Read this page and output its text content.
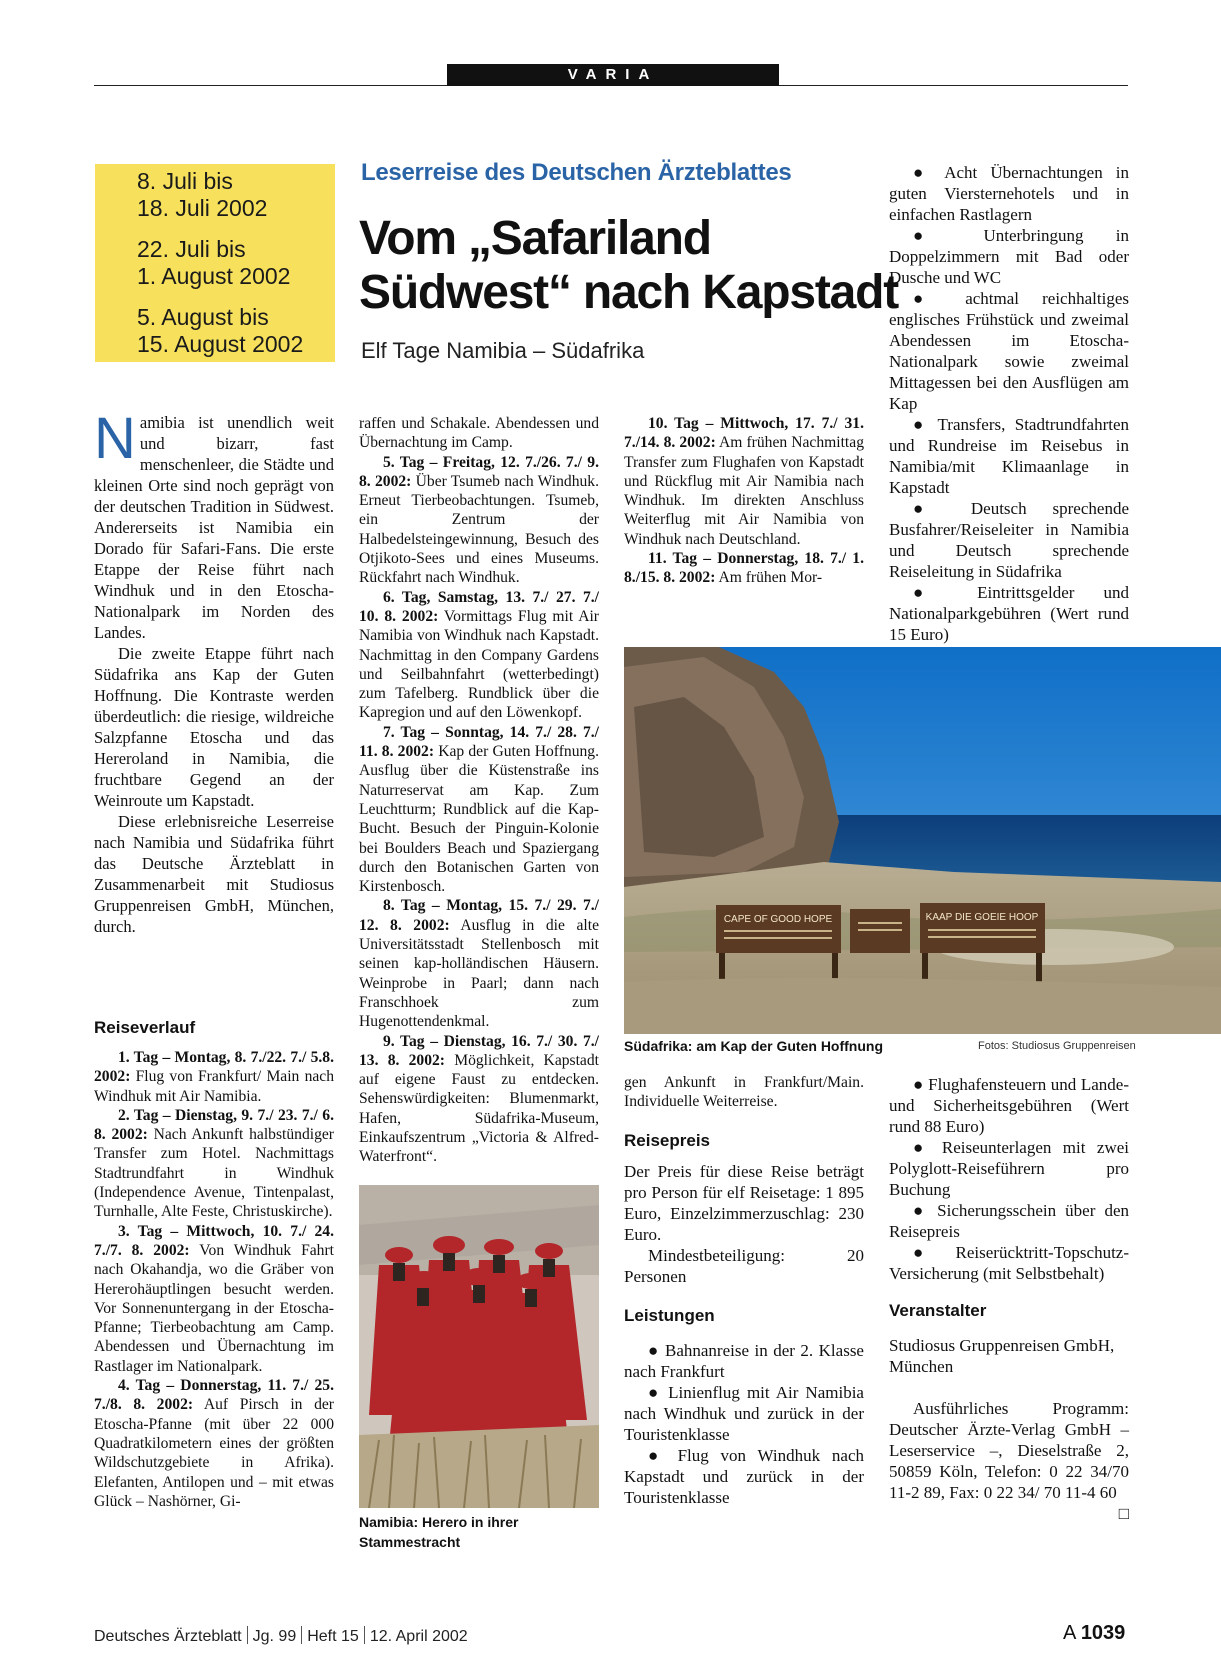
VARIA
8. Juli bis
18. Juli 2002
22. Juli bis
1. August 2002
5. August bis
15. August 2002
Leserreise des Deutschen Ärzteblattes
Vom „Safariland
Südwest“ nach Kapstadt
Elf Tage Namibia – Südafrika

Namibia ist unendlich weit und bizarr, fast menschenleer, die Städte und kleinen Orte sind noch geprägt von der deutschen Tradition in Südwest. Andererseits ist Namibia ein Dorado für Safari-Fans. Die erste Etappe der Reise führt nach Windhuk und in den Etoscha-Nationalpark im Norden des Landes.

Die zweite Etappe führt nach Südafrika ans Kap der Guten Hoffnung. Die Kontraste werden überdeutlich: die riesige, wildreiche Salzpfanne Etoscha und das Hereroland in Namibia, die fruchtbare Gegend an der Weinroute um Kapstadt.

Diese erlebnisreiche Leserreise nach Namibia und Südafrika führt das Deutsche Ärzteblatt in Zusammenarbeit mit Studiosus Gruppenreisen GmbH, München, durch.

Reiseverlauf

1. Tag – Montag, 8. 7./22. 7./ 5.8. 2002: Flug von Frankfurt/ Main nach Windhuk mit Air Namibia.

2. Tag – Dienstag, 9. 7./ 23. 7./ 6. 8. 2002: Nach Ankunft halbstündiger Transfer zum Hotel. Nachmittags Stadtrundfahrt in Windhuk (Independence Avenue, Tintenpalast, Turnhalle, Alte Feste, Christuskirche).

3. Tag – Mittwoch, 10. 7./ 24. 7./7. 8. 2002: Von Windhuk Fahrt nach Okahandja, wo die Gräber von Hererohäuptlingen besucht werden. Vor Sonnenuntergang in der Etoscha-Pfanne; Tierbeobachtung am Camp. Abendessen und Übernachtung im Rastlager im Nationalpark.

4. Tag – Donnerstag, 11. 7./ 25. 7./8. 8. 2002: Auf Pirsch in der Etoscha-Pfanne (mit über 22 000 Quadratkilometern eines der größten Wildschutzgebiete in Afrika). Elefanten, Antilopen und – mit etwas Glück – Nashörner, Gi-

raffen und Schakale. Abendessen und Übernachtung im Camp.

5. Tag – Freitag, 12. 7./26. 7./ 9. 8. 2002: Über Tsumeb nach Windhuk. Erneut Tierbeobachtungen. Tsumeb, ein Zentrum der Halbedelsteingewinnung, Besuch des Otjikoto-Sees und eines Museums. Rückfahrt nach Windhuk.

6. Tag, Samstag, 13. 7./ 27. 7./ 10. 8. 2002: Vormittags Flug mit Air Namibia von Windhuk nach Kapstadt. Nachmittag in den Company Gardens und Seilbahnfahrt (wetterbedingt) zum Tafelberg. Rundblick über die Kapregion und auf den Löwenkopf.

7. Tag – Sonntag, 14. 7./ 28. 7./ 11. 8. 2002: Kap der Guten Hoffnung. Ausflug über die Küstenstraße ins Naturreservat am Kap. Zum Leuchtturm; Rundblick auf die Kap-Bucht. Besuch der Pinguin-Kolonie bei Boulders Beach und Spaziergang durch den Botanischen Garten von Kirstenbosch.

8. Tag – Montag, 15. 7./ 29. 7./ 12. 8. 2002: Ausflug in die alte Universitätsstadt Stellenbosch mit seinen kap-holländischen Häusern. Weinprobe in Paarl; dann nach Franschhoek zum Hugenottendenkmal.

9. Tag – Dienstag, 16. 7./ 30. 7./ 13. 8. 2002: Möglichkeit, Kapstadt auf eigene Faust zu entdecken. Sehenswürdigkeiten: Blumenmarkt, Hafen, Südafrika-Museum, Einkaufszentrum „Victoria & Alfred-Waterfront“.

10. Tag – Mittwoch, 17. 7./ 31. 7./14. 8. 2002: Am frühen Nachmittag Transfer zum Flughafen von Kapstadt und Rückflug mit Air Namibia nach Windhuk. Im direkten Anschluss Weiterflug mit Air Namibia von Windhuk nach Deutschland.

11. Tag – Donnerstag, 18. 7./ 1. 8./15. 8. 2002: Am frühen Mor-

● Acht Übernachtungen in guten Viersternehotels und in einfachen Rastlagern

● Unterbringung in Doppelzimmern mit Bad oder Dusche und WC

● achtmal reichhaltiges englisches Frühstück und zweimal Abendessen im Etoscha-Nationalpark sowie zweimal Mittagessen bei den Ausflügen am Kap

● Transfers, Stadtrundfahrten und Rundreise im Reisebus in Namibia/mit Klimaanlage in Kapstadt

● Deutsch sprechende Busfahrer/Reiseleiter in Namibia und Deutsch sprechende Reiseleitung in Südafrika

● Eintrittsgelder und Nationalparkgebühren (Wert rund 15 Euro)

CAPE OF GOOD HOPE	KAAP DIE GOEIE HOOP
Südafrika: am Kap der Guten Hoffnung	Fotos: Studiosus Gruppenreisen
Namibia: Herero in ihrer Stammestracht

gen Ankunft in Frankfurt/Main. Individuelle Weiterreise.

Reisepreis

Der Preis für diese Reise beträgt pro Person für elf Reisetage: 1 895 Euro, Einzelzimmerzuschlag: 230 Euro.

Mindestbeteiligung: 20 Personen

Leistungen

● Bahnanreise in der 2. Klasse nach Frankfurt

● Linienflug mit Air Namibia nach Windhuk und zurück in der Touristenklasse

● Flug von Windhuk nach Kapstadt und zurück in der Touristenklasse

● Flughafensteuern und Lande- und Sicherheitsgebühren (Wert rund 88 Euro)

● Reiseunterlagen mit zwei Polyglott-Reiseführern pro Buchung

● Sicherungsschein über den Reisepreis

● Reiserücktritt-Topschutz-Versicherung (mit Selbstbehalt)

Veranstalter

Studiosus Gruppenreisen GmbH, München

Ausführliches Programm: Deutscher Ärzte-Verlag GmbH – Leserservice –, Dieselstraße 2, 50859 Köln, Telefon: 0 22 34/70 11-2 89, Fax: 0 22 34/ 70 11-4 60
□

Deutsches Ärzteblatt Jg. 99 Heft 15 12. April 2002	A 1039
